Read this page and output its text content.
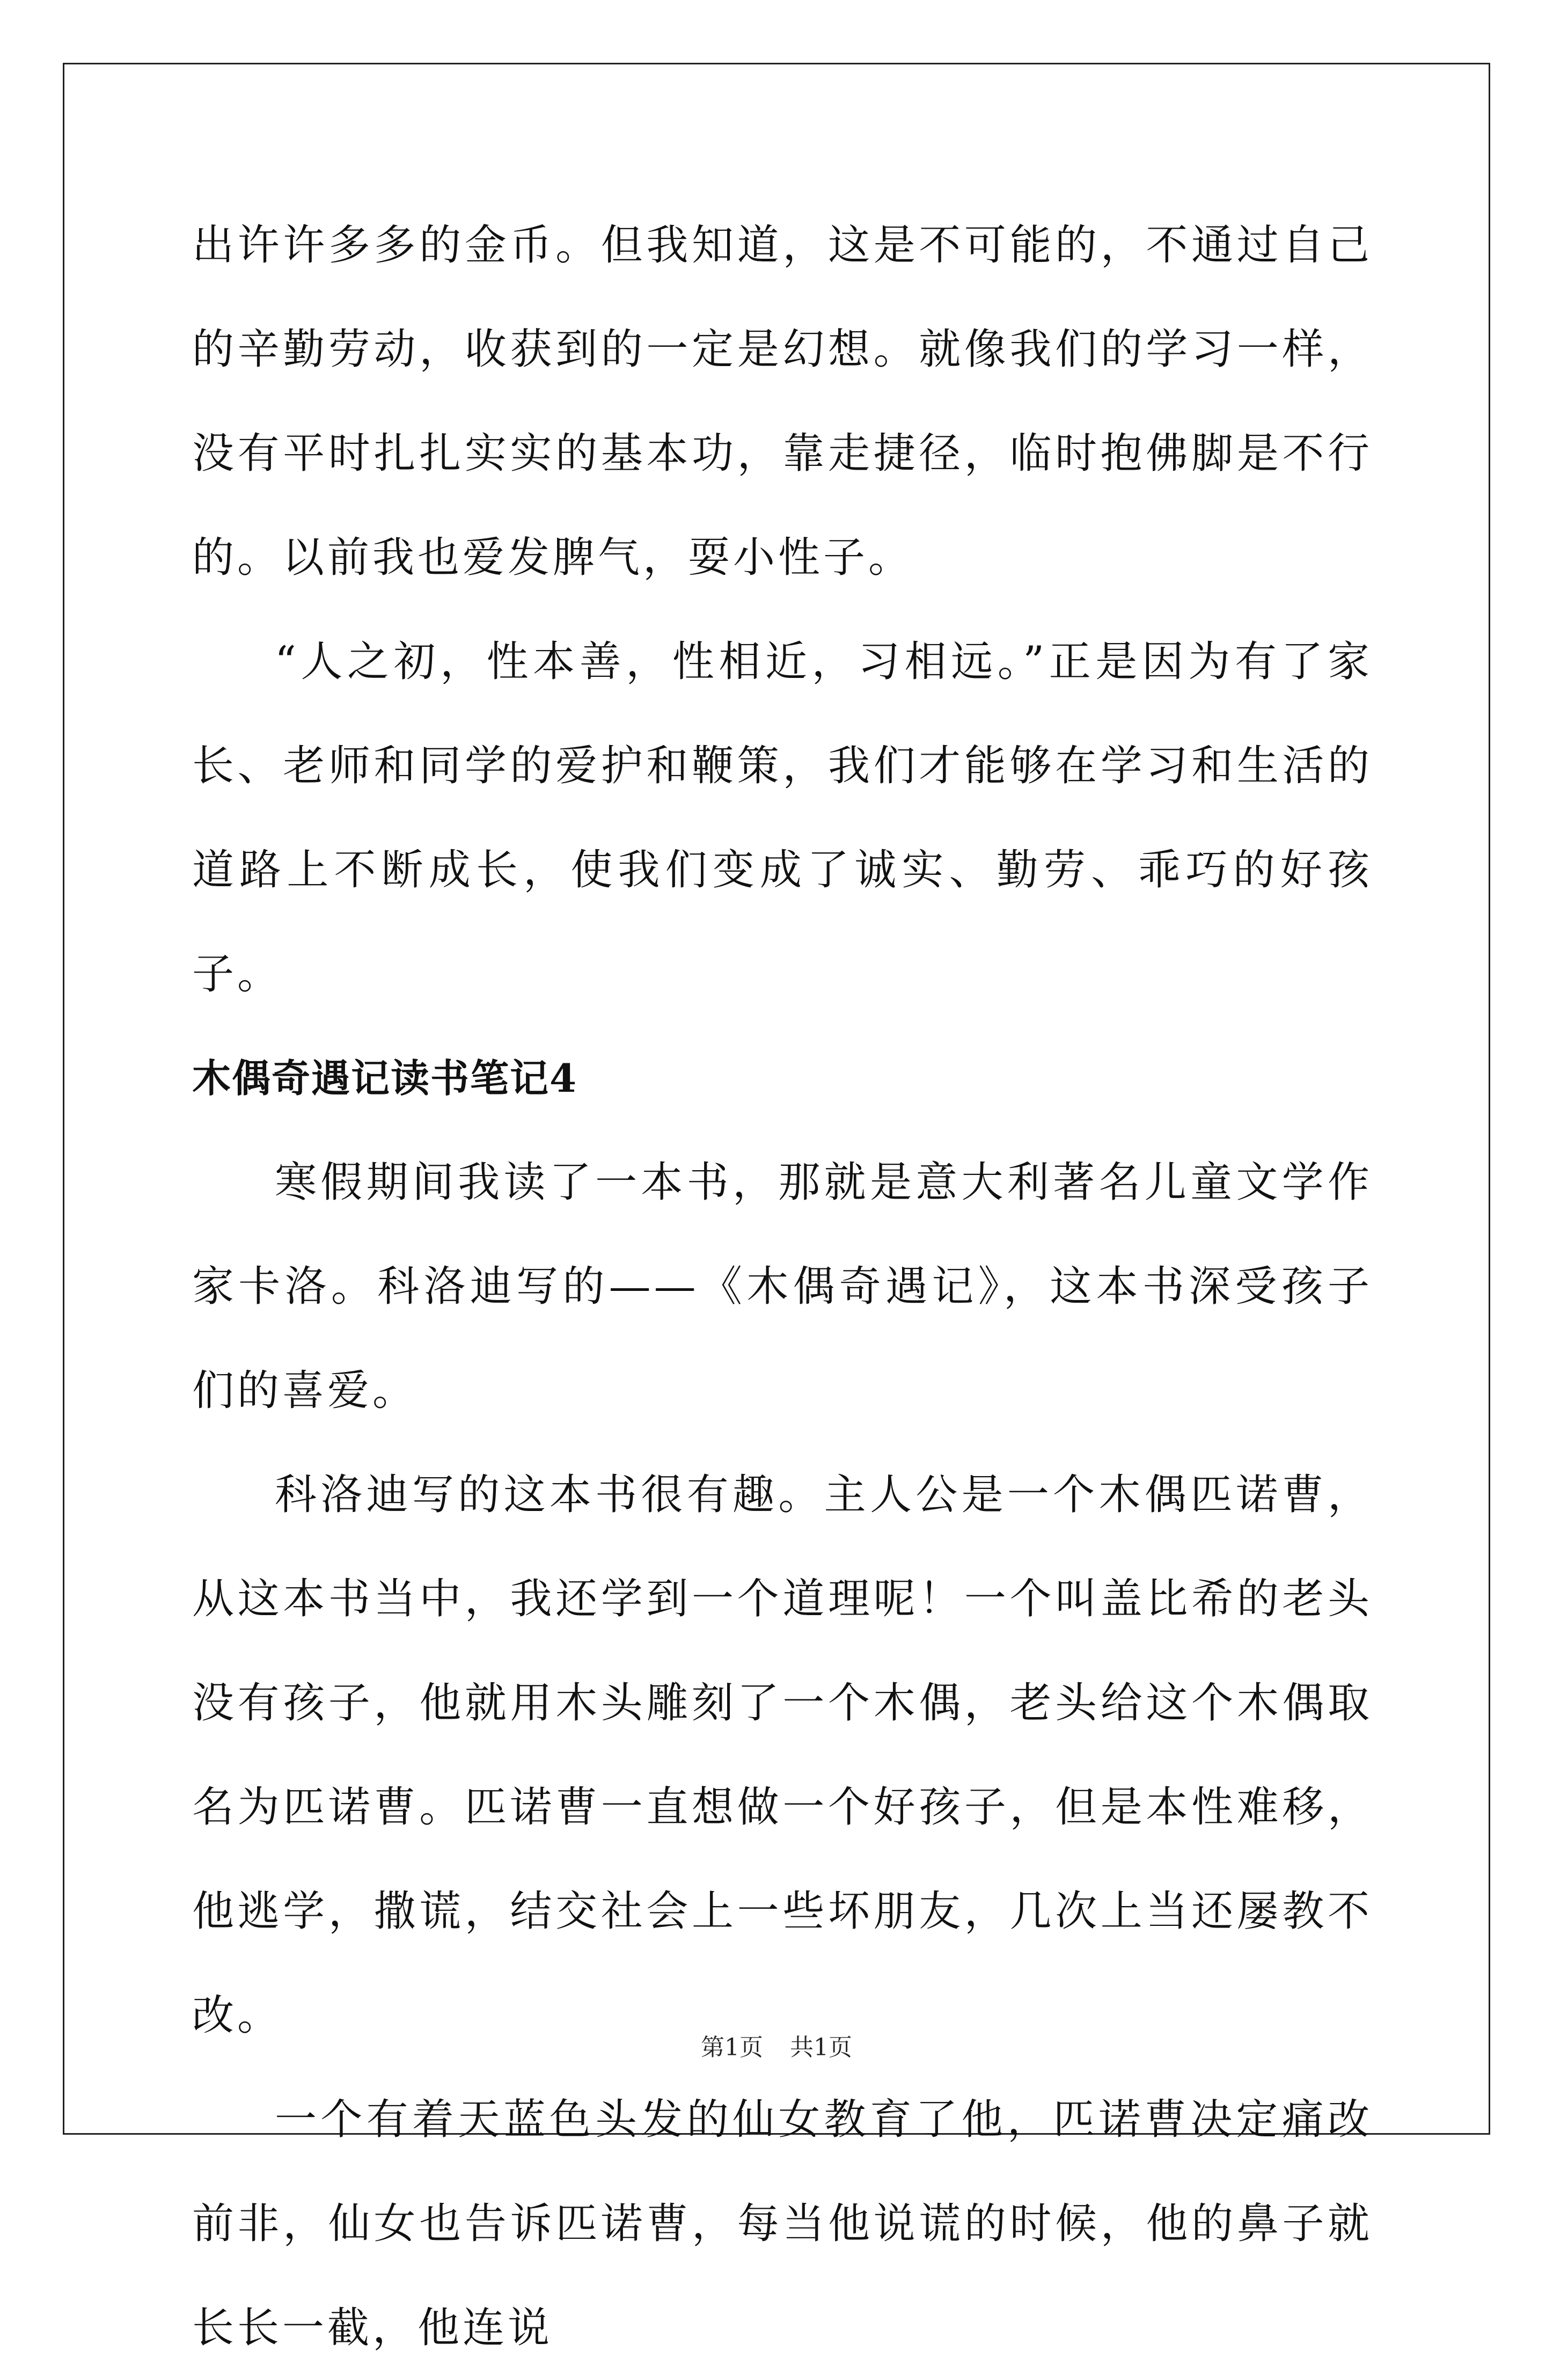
出许许多多的金币。但我知道，这是不可能的，不通过自己的辛勤劳动，收获到的一定是幻想。就像我们的学习一样，没有平时扎扎实实的基本功，靠走捷径，临时抱佛脚是不行的。以前我也爱发脾气，耍小性子。

“人之初，性本善，性相近，习相远。”正是因为有了家长、老师和同学的爱护和鞭策，我们才能够在学习和生活的道路上不断成长，使我们变成了诚实、勤劳、乖巧的好孩子。

木偶奇遇记读书笔记4

寒假期间我读了一本书，那就是意大利著名儿童文学作家卡洛。科洛迪写的——《木偶奇遇记》，这本书深受孩子们的喜爱。

科洛迪写的这本书很有趣。主人公是一个木偶匹诺曹，从这本书当中，我还学到一个道理呢！一个叫盖比希的老头没有孩子，他就用木头雕刻了一个木偶，老头给这个木偶取名为匹诺曹。匹诺曹一直想做一个好孩子，但是本性难移，他逃学，撒谎，结交社会上一些坏朋友，几次上当还屡教不改。

一个有着天蓝色头发的仙女教育了他，匹诺曹决定痛改前非，仙女也告诉匹诺曹，每当他说谎的时候，他的鼻子就长长一截，他连说

第1页 共1页
